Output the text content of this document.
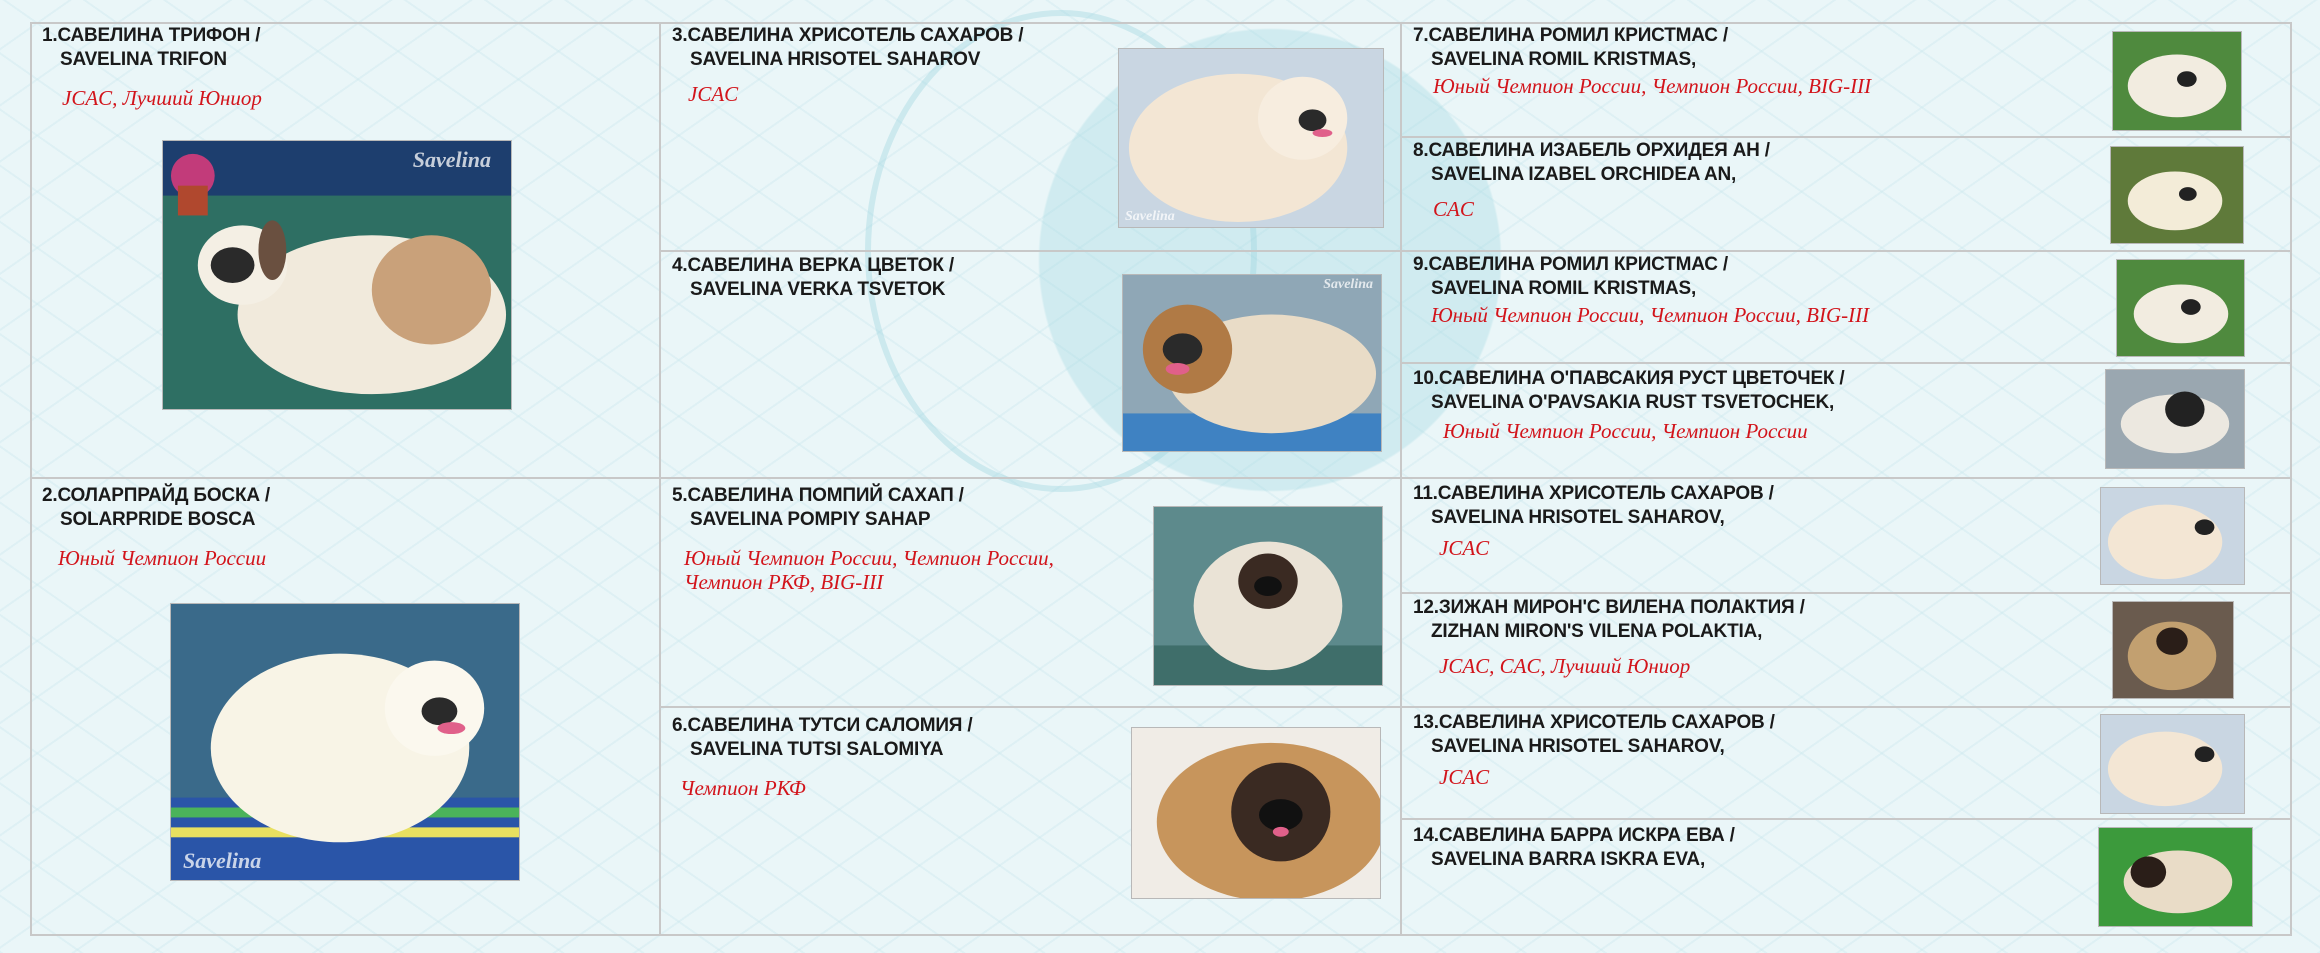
1.САВЕЛИНА ТРИФОН /
SAVELINA TRIFON
JCAC, Лучший Юниор
Savelina
2.СОЛАРПРАЙД БОСКА /
SOLARPRIDE BOSCA
Юный Чемпион России
Savelina
3.САВЕЛИНА ХРИСОТЕЛЬ САХАРОВ /
SAVELINA HRISOTEL SAHAROV
JCAC
Savelina
4.САВЕЛИНА ВЕРКА ЦВЕТОК /
SAVELINA VERKA TSVETOK	Savelina
5.САВЕЛИНА ПОМПИЙ САХАП /
SAVELINA POMPIY SAHAP
Юный Чемпион России, Чемпион России,
Чемпион РКФ, BIG-III
6.САВЕЛИНА ТУТСИ САЛОМИЯ /
SAVELINA TUTSI SALOMIYA
Чемпион РКФ
7.САВЕЛИНА РОМИЛ КРИСТМАС /
SAVELINA ROMIL KRISTMAS,
Юный Чемпион России, Чемпион России, BIG-III
8.САВЕЛИНА ИЗАБЕЛЬ ОРХИДЕЯ АН /
SAVELINA IZABEL ORCHIDEA AN,
CAC
9.САВЕЛИНА РОМИЛ КРИСТМАС /
SAVELINA ROMIL KRISTMAS,
Юный Чемпион России, Чемпион России, BIG-III
10.САВЕЛИНА О'ПАВСАКИЯ РУСТ ЦВЕТОЧЕК /
SAVELINA O'PAVSAKIA RUST TSVETOCHEK,
Юный Чемпион России, Чемпион России
11.САВЕЛИНА ХРИСОТЕЛЬ САХАРОВ /
SAVELINA HRISOTEL SAHAROV,
JCAC
12.ЗИЖАН МИРОН'С ВИЛЕНА ПОЛАКТИЯ /
ZIZHAN MIRON'S VILENA POLAKTIA,
JCAC, CAC, Лучший Юниор
13.САВЕЛИНА ХРИСОТЕЛЬ САХАРОВ /
SAVELINA HRISOTEL SAHAROV,
JCAC
14.САВЕЛИНА БАРРА ИСКРА ЕВА /
SAVELINA BARRA ISKRA EVA,
